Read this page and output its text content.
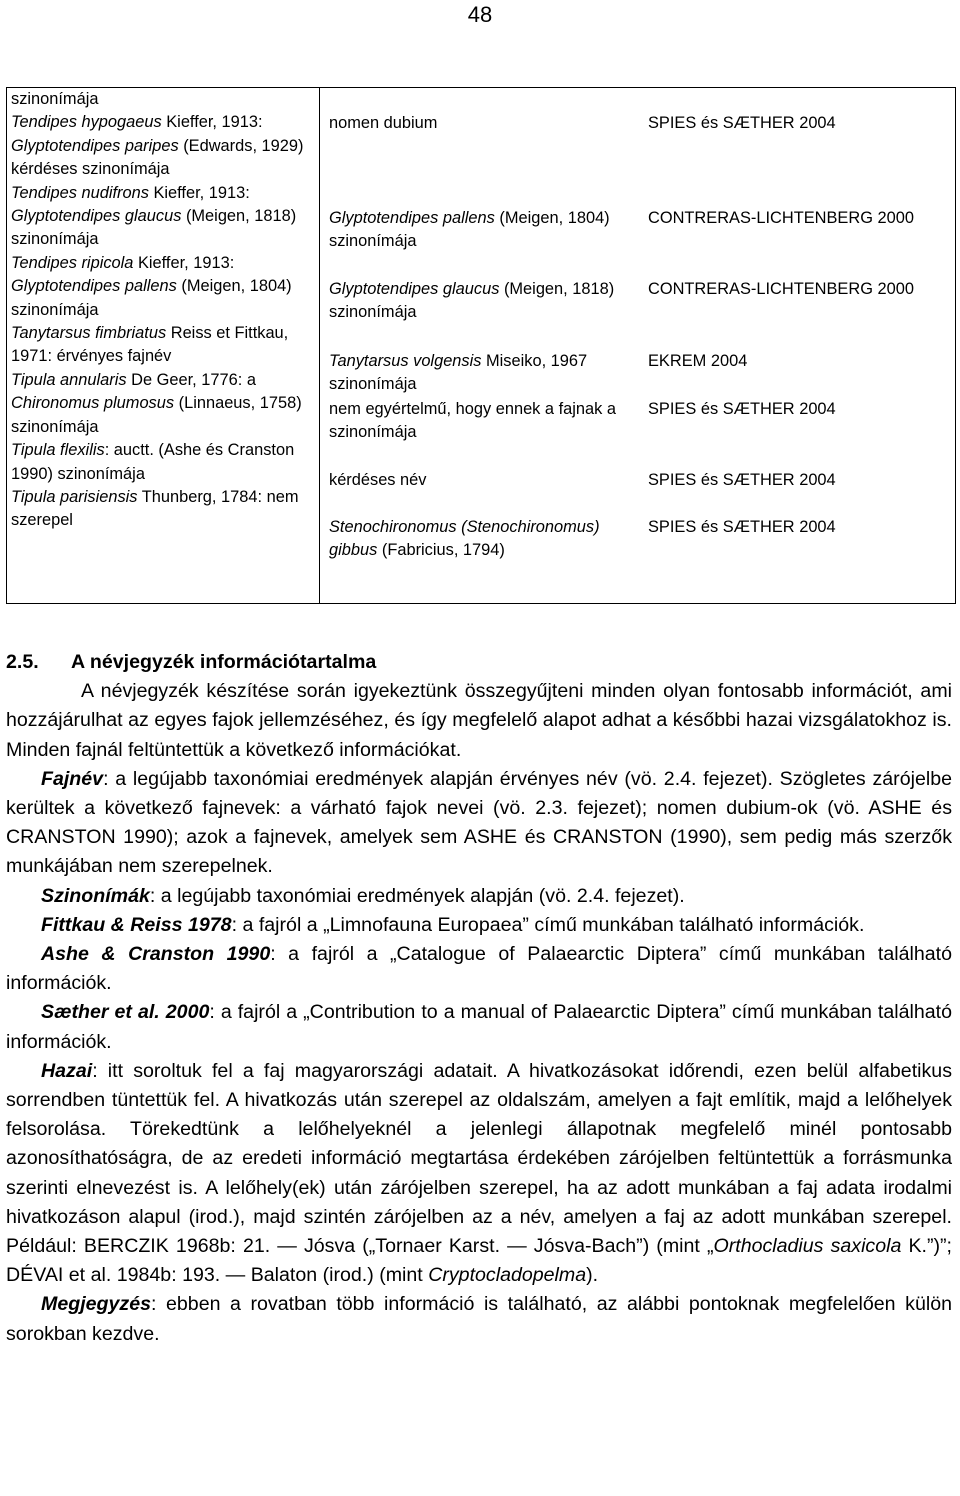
48
szinonímája
Tendipes hypogaeus Kieffer, 1913: Glyptotendipes paripes (Edwards, 1929) kérdéses szinonímája
Tendipes nudifrons Kieffer, 1913: Glyptotendipes glaucus (Meigen, 1818) szinonímája
Tendipes ripicola Kieffer, 1913: Glyptotendipes pallens (Meigen, 1804) szinonímája
Tanytarsus fimbriatus Reiss et Fittkau, 1971: érvényes fajnév
Tipula annularis De Geer, 1776: a Chironomus plumosus (Linnaeus, 1758) szinonímája
Tipula flexilis: auctt. (Ashe és Cranston 1990) szinonímája
Tipula parisiensis Thunberg, 1784: nem szerepel
nomen dubium	SPIES és SÆTHER 2004
Glyptotendipes pallens (Meigen, 1804) szinonímája
CONTRERAS-LICHTENBERG 2000
Glyptotendipes glaucus (Meigen, 1818) szinonímája
CONTRERAS-LICHTENBERG 2000
Tanytarsus volgensis Miseiko, 1967 szinonímája
EKREM 2004
nem egyértelmű, hogy ennek a fajnak a szinonímája
SPIES és SÆTHER 2004
kérdéses név	SPIES és SÆTHER 2004
Stenochironomus (Stenochironomus) gibbus (Fabricius, 1794)
SPIES és SÆTHER 2004
2.5. A névjegyzék információtartalma

A névjegyzék készítése során igyekeztünk összegyűjteni minden olyan fontosabb információt, ami hozzájárulhat az egyes fajok jellemzéséhez, és így megfelelő alapot adhat a későbbi hazai vizsgálatokhoz is. Minden fajnál feltüntettük a következő információkat.

Fajnév: a legújabb taxonómiai eredmények alapján érvényes név (vö. 2.4. fejezet). Szögletes zárójelbe kerültek a következő fajnevek: a várható fajok nevei (vö. 2.3. fejezet); nomen dubium-ok (vö. ASHE és CRANSTON 1990); azok a fajnevek, amelyek sem ASHE és CRANSTON (1990), sem pedig más szerzők munkájában nem szerepelnek.

Szinonímák: a legújabb taxonómiai eredmények alapján (vö. 2.4. fejezet).

Fittkau & Reiss 1978: a fajról a „Limnofauna Europaea” című munkában található információk.

Ashe & Cranston 1990: a fajról a „Catalogue of Palaearctic Diptera” című munkában található információk.

Sæther et al. 2000: a fajról a „Contribution to a manual of Palaearctic Diptera” című munkában található információk.

Hazai: itt soroltuk fel a faj magyarországi adatait. A hivatkozásokat időrendi, ezen belül alfabetikus sorrendben tüntettük fel. A hivatkozás után szerepel az oldalszám, amelyen a fajt említik, majd a lelőhelyek felsorolása. Törekedtünk a lelőhelyeknél a jelenlegi állapotnak megfelelő minél pontosabb azonosíthatóságra, de az eredeti információ megtartása érdekében zárójelben feltüntettük a forrásmunka szerinti elnevezést is. A lelőhely(ek) után zárójelben szerepel, ha az adott munkában a faj adata irodalmi hivatkozáson alapul (irod.), majd szintén zárójelben az a név, amelyen a faj az adott munkában szerepel. Például: BERCZIK 1968b: 21. — Jósva („Tornaer Karst. — Jósva-Bach”) (mint „Orthocladius saxicola K.”)”; DÉVAI et al. 1984b: 193. — Balaton (irod.) (mint Cryptocladopelma).

Megjegyzés: ebben a rovatban több információ is található, az alábbi pontoknak megfelelően külön sorokban kezdve.
